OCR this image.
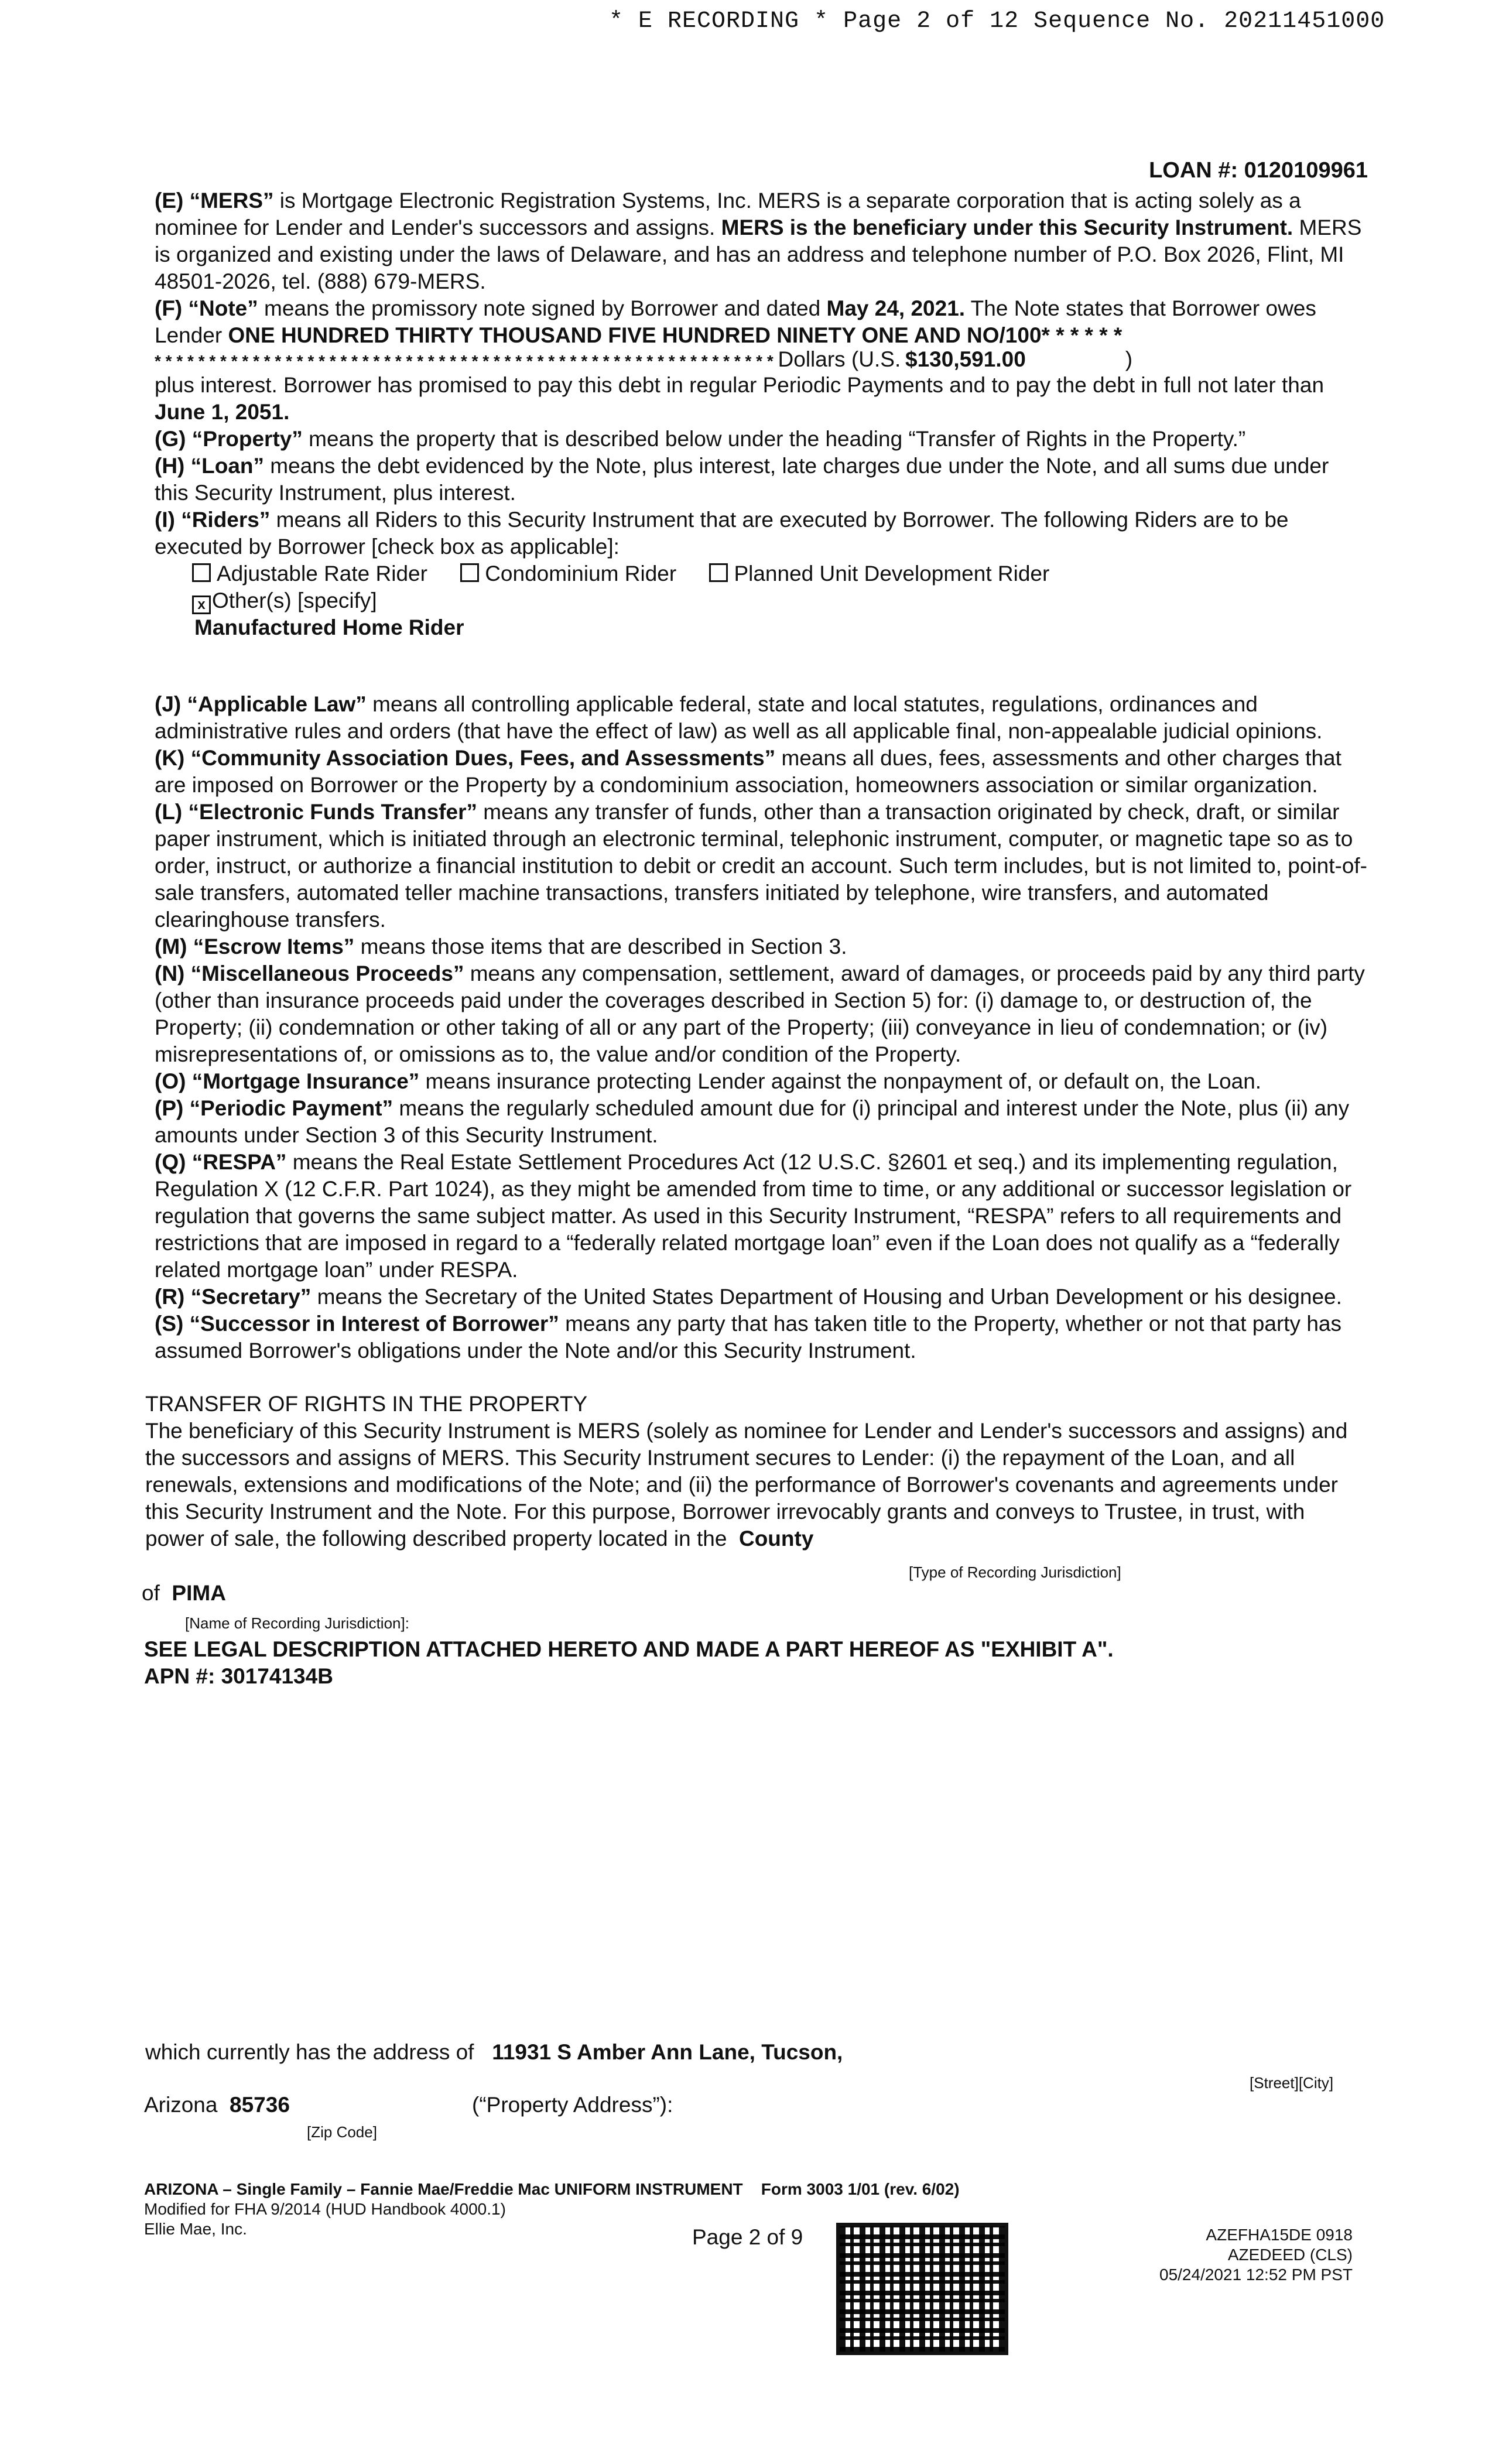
* E RECORDING * Page 2 of 12 Sequence No. 20211451000
LOAN #: 0120109961

(E) “MERS” is Mortgage Electronic Registration Systems, Inc. MERS is a separate corporation that is acting solely as a nominee for Lender and Lender's successors and assigns. MERS is the beneficiary under this Security Instrument. MERS is organized and existing under the laws of Delaware, and has an address and telephone number of P.O. Box 2026, Flint, MI 48501-2026, tel. (888) 679-MERS.

(F) “Note” means the promissory note signed by Borrower and dated May 24, 2021. The Note states that Borrower owes Lender ONE HUNDRED THIRTY THOUSAND FIVE HUNDRED NINETY ONE AND NO/100* * * * * *

* * * * * * * * * * * * * * * * * * * * * * * * * * * * * * * * * * * * * * * * * * * * * * * * * * * * * * * * * Dollars (U.S. $130,591.00	)

plus interest. Borrower has promised to pay this debt in regular Periodic Payments and to pay the debt in full not later than

June 1, 2051.

(G) “Property” means the property that is described below under the heading “Transfer of Rights in the Property.”

(H) “Loan” means the debt evidenced by the Note, plus interest, late charges due under the Note, and all sums due under this Security Instrument, plus interest.

(I) “Riders” means all Riders to this Security Instrument that are executed by Borrower. The following Riders are to be executed by Borrower [check box as applicable]:

Adjustable Rate Rider	Condominium Rider	Planned Unit Development Rider
x Other(s) [specify]
Manufactured Home Rider

(J) “Applicable Law” means all controlling applicable federal, state and local statutes, regulations, ordinances and administrative rules and orders (that have the effect of law) as well as all applicable final, non-appealable judicial opinions.

(K) “Community Association Dues, Fees, and Assessments” means all dues, fees, assessments and other charges that are imposed on Borrower or the Property by a condominium association, homeowners association or similar organization.

(L) “Electronic Funds Transfer” means any transfer of funds, other than a transaction originated by check, draft, or similar paper instrument, which is initiated through an electronic terminal, telephonic instrument, computer, or magnetic tape so as to order, instruct, or authorize a financial institution to debit or credit an account. Such term includes, but is not limited to, point-of-sale transfers, automated teller machine transactions, transfers initiated by telephone, wire transfers, and automated clearinghouse transfers.

(M) “Escrow Items” means those items that are described in Section 3.

(N) “Miscellaneous Proceeds” means any compensation, settlement, award of damages, or proceeds paid by any third party (other than insurance proceeds paid under the coverages described in Section 5) for: (i) damage to, or destruction of, the Property; (ii) condemnation or other taking of all or any part of the Property; (iii) conveyance in lieu of condemnation; or (iv) misrepresentations of, or omissions as to, the value and/or condition of the Property.

(O) “Mortgage Insurance” means insurance protecting Lender against the nonpayment of, or default on, the Loan.

(P) “Periodic Payment” means the regularly scheduled amount due for (i) principal and interest under the Note, plus (ii) any amounts under Section 3 of this Security Instrument.

(Q) “RESPA” means the Real Estate Settlement Procedures Act (12 U.S.C. §2601 et seq.) and its implementing regulation, Regulation X (12 C.F.R. Part 1024), as they might be amended from time to time, or any additional or successor legislation or regulation that governs the same subject matter. As used in this Security Instrument, “RESPA” refers to all requirements and restrictions that are imposed in regard to a “federally related mortgage loan” even if the Loan does not qualify as a “federally related mortgage loan” under RESPA.

(R) “Secretary” means the Secretary of the United States Department of Housing and Urban Development or his designee.

(S) “Successor in Interest of Borrower” means any party that has taken title to the Property, whether or not that party has assumed Borrower's obligations under the Note and/or this Security Instrument.

TRANSFER OF RIGHTS IN THE PROPERTY

The beneficiary of this Security Instrument is MERS (solely as nominee for Lender and Lender's successors and assigns) and the successors and assigns of MERS. This Security Instrument secures to Lender: (i) the repayment of the Loan, and all renewals, extensions and modifications of the Note; and (ii) the performance of Borrower's covenants and agreements under this Security Instrument and the Note. For this purpose, Borrower irrevocably grants and conveys to Trustee, in trust, with power of sale, the following described property located in the County

[Type of Recording Jurisdiction]
of PIMA
[Name of Recording Jurisdiction]:
SEE LEGAL DESCRIPTION ATTACHED HERETO AND MADE A PART HEREOF AS "EXHIBIT A".
APN #: 30174134B
which currently has the address of 11931 S Amber Ann Lane, Tucson,
[Street][City]
Arizona 85736	(“Property Address”):
[Zip Code]
ARIZONA – Single Family – Fannie Mae/Freddie Mac UNIFORM INSTRUMENT Form 3003 1/01 (rev. 6/02)
Modified for FHA 9/2014 (HUD Handbook 4000.1)
Ellie Mae, Inc.	Page 2 of 9	AZEFHA15DE 0918
AZEDEED (CLS)
05/24/2021 12:52 PM PST
